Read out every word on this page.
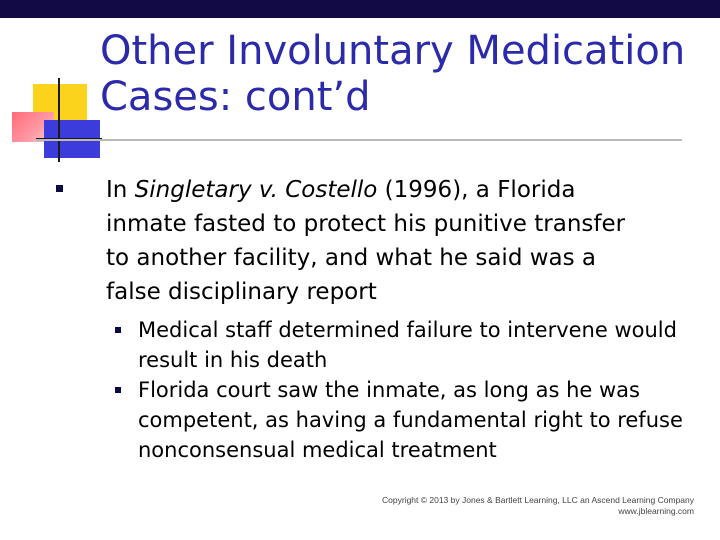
Other Involuntary Medication Cases: cont’d

In Singletary v. Costello (1996), a Florida inmate fasted to protect his punitive transfer to another facility, and what he said was a false disciplinary report

Medical staff determined failure to intervene would result in his death
Florida court saw the inmate, as long as he was competent, as having a fundamental right to refuse nonconsensual medical treatment
Copyright © 2013 by Jones & Bartlett Learning, LLC an Ascend Learning Company
www.jblearning.com
